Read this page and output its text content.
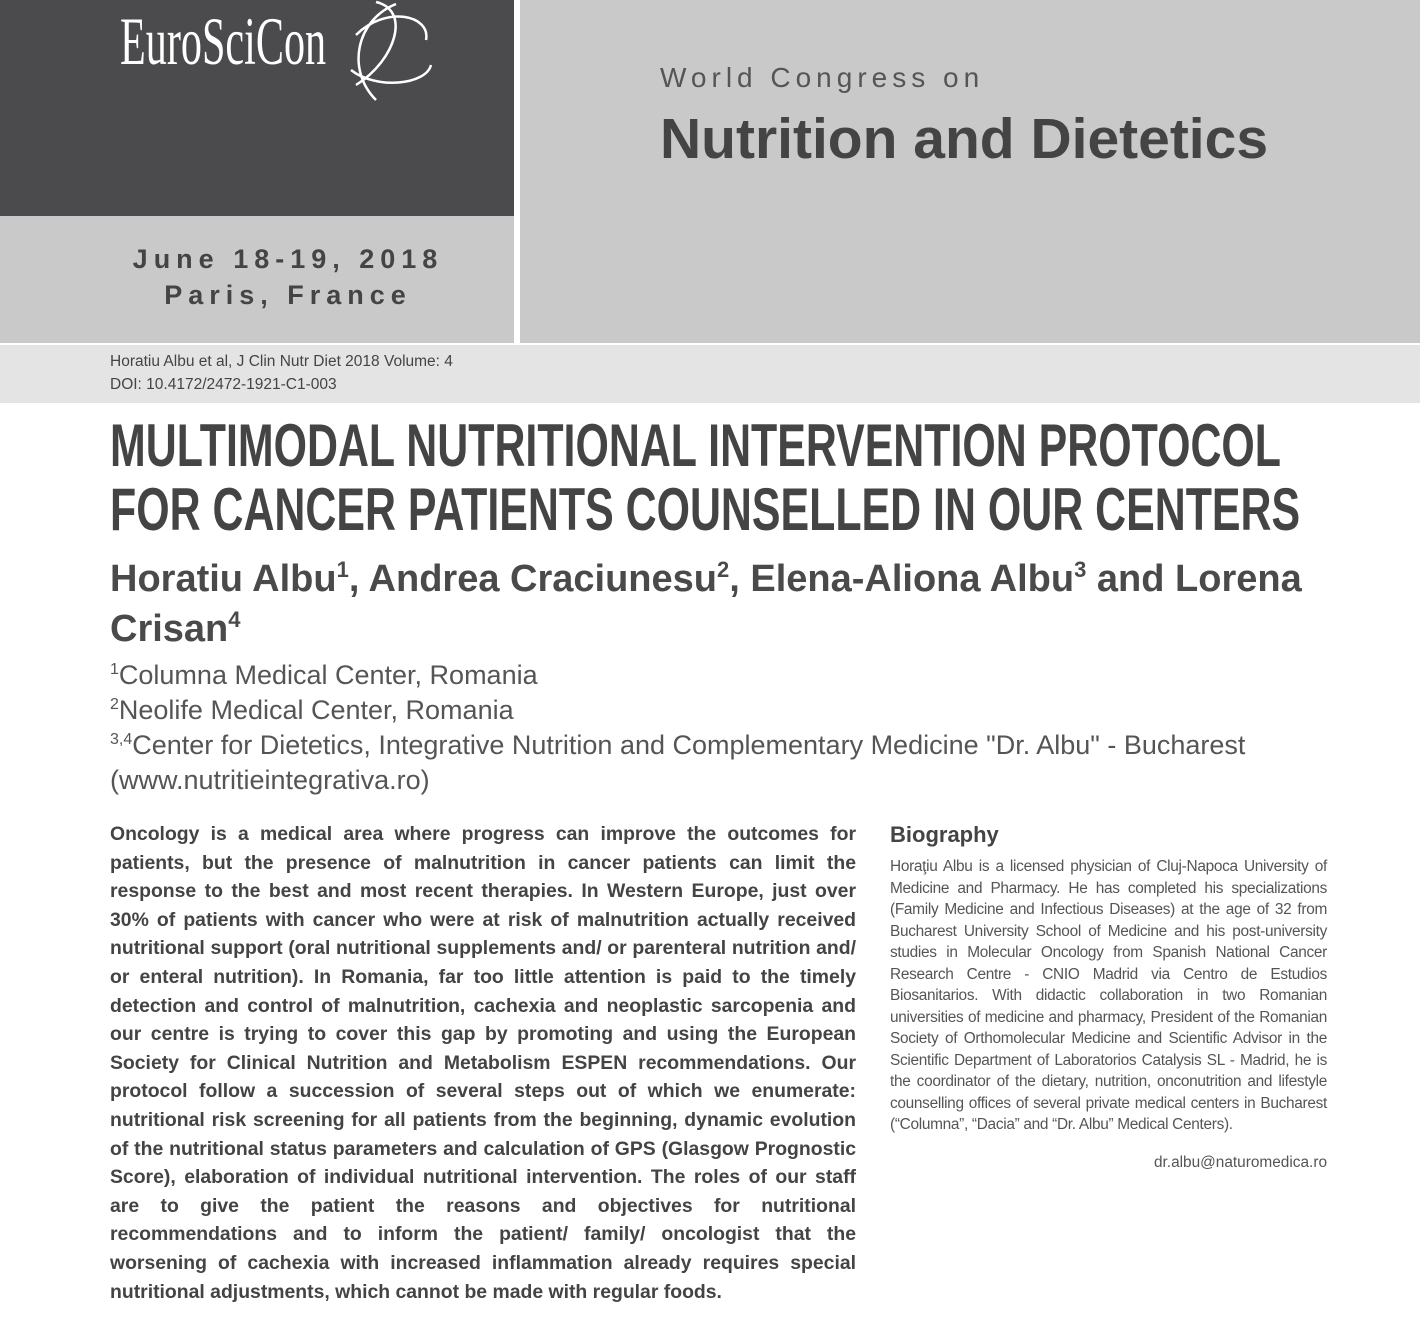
EuroSciCon
June 18-19, 2018
Paris, France
World Congress on
Nutrition and Dietetics
Horatiu Albu et al, J Clin Nutr Diet 2018 Volume: 4
DOI: 10.4172/2472-1921-C1-003
MULTIMODAL NUTRITIONAL INTERVENTION PROTOCOL FOR CANCER PATIENTS COUNSELLED IN OUR CENTERS
Horatiu Albu$^1$, Andrea Craciunesu$^2$, Elena-Aliona Albu$^3$ and Lorena Crisan$^4$
$^1$Columna Medical Center, Romania
$^2$Neolife Medical Center, Romania
$^{3,4}$Center for Dietetics, Integrative Nutrition and Complementary Medicine "Dr. Albu" - Bucharest (www.nutritieintegrativa.ro)
Oncology is a medical area where progress can improve the outcomes for patients, but the presence of malnutrition in cancer patients can limit the response to the best and most recent therapies. In Western Europe, just over 30% of patients with cancer who were at risk of malnutrition actually received nutritional support (oral nutritional supplements and/ or parenteral nutrition and/ or enteral nutrition). In Romania, far too little attention is paid to the timely detection and control of malnutrition, cachexia and neoplastic sarcopenia and our centre is trying to cover this gap by promoting and using the European Society for Clinical Nutrition and Metabolism ESPEN recommendations. Our protocol follow a succession of several steps out of which we enumerate: nutritional risk screening for all patients from the beginning, dynamic evolution of the nutritional status parameters and calculation of GPS (Glasgow Prognostic Score), elaboration of individual nutritional intervention. The roles of our staff are to give the patient the reasons and objectives for nutritional recommendations and to inform the patient/ family/ oncologist that the worsening of cachexia with increased inflammation already requires special nutritional adjustments, which cannot be made with regular foods.
Biography
Horaţiu Albu is a licensed physician of Cluj-Napoca University of Medicine and Pharmacy. He has completed his specializations (Family Medicine and Infectious Diseases) at the age of 32 from Bucharest University School of Medicine and his post-university studies in Molecular Oncology from Spanish National Cancer Research Centre - CNIO Madrid via Centro de Estudios Biosanitarios. With didactic collaboration in two Romanian universities of medicine and pharmacy, President of the Romanian Society of Orthomolecular Medicine and Scientific Advisor in the Scientific Department of Laboratorios Catalysis SL - Madrid, he is the coordinator of the dietary, nutrition, onconutrition and lifestyle counselling offices of several private medical centers in Bucharest (“Columna”, “Dacia” and “Dr. Albu” Medical Centers).
dr.albu@naturomedica.ro
